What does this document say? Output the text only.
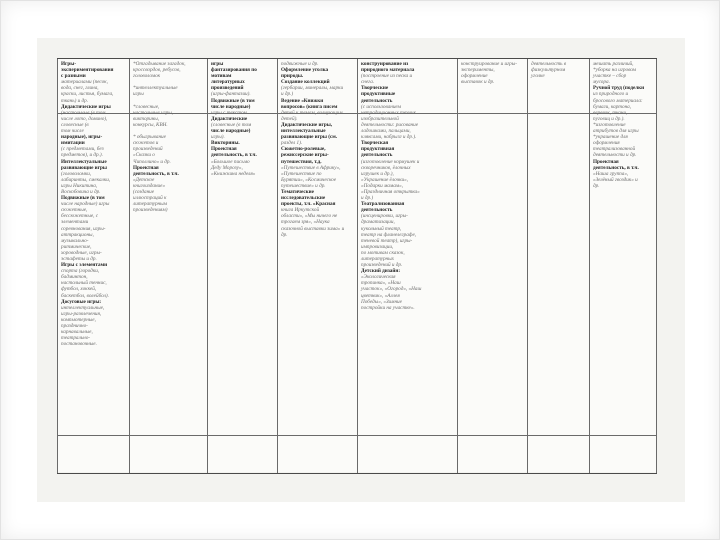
Игры-

экспериментирования

с разными

материалами (песок,

вода, снег, глина,

краски, листья, бумага,

ткань) и др.

Дидактические игры

(настольные (в том

числе лото, домино),

словесные (в

том числе

народные), игры-

имитации

(с предметами, без

предметов), и др.).

Интеллектуальные

развивающие игры

(головоломки,

лабиринты, смекалки,

игры Никитина,

Воскобовича и др.

Подвижные (в том

числе народные) игры

сюжетные,

бессюжетные, с

элементами

соревнования, игры-

аттракционы,

музыкально-

ритмические,

хороводные, игры-

эстафеты и др.

Игры с элементами

спорта (городки,

бадминтон,

настольный теннис,

футбол, хоккей,

баскетбол, волейбол).

Досуговые игры:

интеллектуальные,

игры-развлечения,

компьютерные,

празднично-

карнавальные,

театрально-

постановочные.

*Отгадывание загадок,

кроссвордов, ребусов,

головоломок

*интеллектуальные

игры

*словесные,

настольные игры,

викторины,

конкурсы, КВН.

* обыгрывание

сюжетов и

произведений

«Сказки о

Чиполлино» и др.

Проектная

деятельность, в т.ч.

«Детское

книгоиздание»

(создание

иллюстраций к

литературным

произведениям)

игры

фантазирования по

мотивам

литературных

произведений

(игры-фантазии).

Подвижные (в том

числе народные)

игры с текстом.

Дидактические

(словесные (в том

числе народные)

игры).

Викторины.

Проектная

деятельность, в т.ч.

«Большое письмо

Деду Морозу»,

«Книжкина неделя»

подвижные и др.

Оформление уголка

природы.

Создание коллекций

(гербарии, минералы, марки

и др.)

Ведение «Книжки

вопросов» (книга писем

детей к темам, волнующим

детей).

Дидактические игры,

интеллектуальные

развивающие игры (см.

раздел 1).

Сюжетно-ролевые,

режиссерские игры-

путешествия, т.д.

«Путешествие в Африку»,

«Путешествие по

Бурятии», «Космическое

путешествие» и др.

Тематические

исследовательские

проекты, т.ч. «Красная

книга Иркутской

области», «Мы ничего не

трогаем зря», «Наука

сказочной выставки зима» и

др.

конструирование из

природного материала

(построение из песка и

снега.

Творческие

продуктивные

деятельность

(с использованием

нетрадиционных техник

изобразительной

деятельности: рисование

ладошками, пальцами,

кляксами, набрызг и др.).

Творческая

продуктивная

деятельность

(изготовление кормушек и

скворечников, ёлочных

игрушек и др.),

«Украшение ёлочки»,

«Подарки мамам»,

«Праздничная открытка»

и др.)

Театрализованная

деятельность

(инсценировки, игры-

драматизации,

кукольный театр,

театр на фланелеграфе,

теневой театр), игры-

импровизации,

по мотивам сказок,

литературных

произведений и др.

Детский дизайн:

«Экологическая

тропинка», «Наш

участок», «Огород», «Наш

цветник», «Аллея

Победы», «Зимние

постройки на участке».

конструирование и игры-

эксперименты,

оформление

выставок и др.

деятельность в

физкультурном

уголке

мешать различий,

*уборка на игровом

участке – сбор

мусора.

Ручной труд (поделки

из природного и

бросового материала:

бумаги, картона,

веревок, ткани,

пуговиц и др.).

*изготовление

атрибутов для игры

*украшение для

оформления

театрализованной

деятельности и др.

Проектная

деятельность, в т.ч.

«Наша группа»,

«Зелёный гвоздик» и

др.
